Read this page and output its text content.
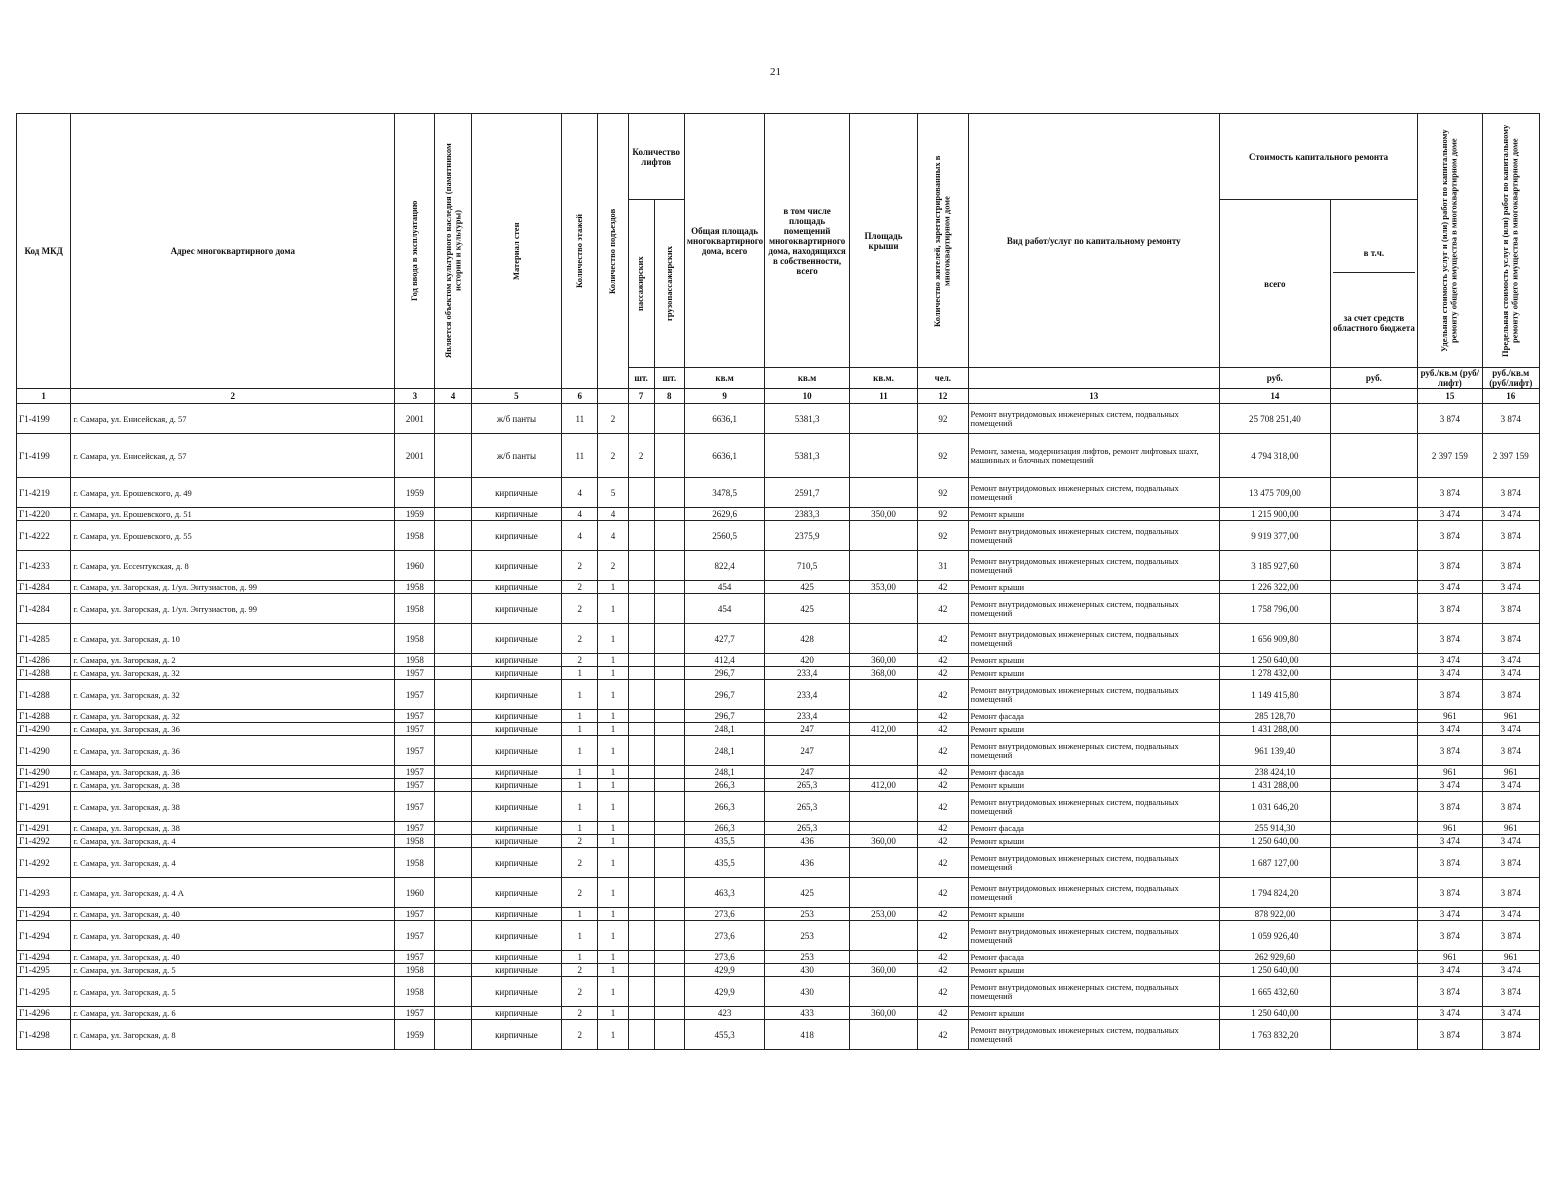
21
Код МКД	Адрес многоквартирного дома	Год ввода в эксплуатацию	Является объектом культурного наследия (памятником истории и культуры)	Материал стен	Количество этажей	Количество подъездов	Количество лифтов		Общая площадь многоквартирного дома, всего	в том числе площадь помещений многоквартирного дома, находящихся в собственности, всего	Площадь крыши	Количество жителей, зарегистрированных в многоквартирном доме	Вид работ/услуг по капитальному ремонту	Стоимость капитального ремонта		Удельная стоимость услуг и (или) работ по капитальному ремонту общего имущества в многоквартирном доме	Предельная стоимость услуг и (или) работ по капитальному ремонту общего имущества в многоквартирном доме

							пассажирских	грузопассажирских						всего	в т.ч.
за счет средств областного бюджета		

							шт.	шт.	кв.м	кв.м	кв.м.	чел.		руб.	руб.	руб./кв.м (руб/лифт)	руб./кв.м (руб/лифт)
1	2	3	4	5	6		7	8	9	10	11	12	13	14		15	16
Г1-4199	г. Самара, ул. Енисейская, д. 57	2001		ж/б панты	11	2			6636,1	5381,3		92	Ремонт внутридомовых инженерных систем, подвальных помещений	25 708 251,40		3 874	3 874
Г1-4199	г. Самара, ул. Енисейская, д. 57	2001		ж/б панты	11	2	2		6636,1	5381,3		92	Ремонт, замена, модернизация лифтов, ремонт лифтовых шахт, машинных и блочных помещений	4 794 318,00		2 397 159	2 397 159
Г1-4219	г. Самара, ул. Ерошевского, д. 49	1959		кирпичные	4	5			3478,5	2591,7		92	Ремонт внутридомовых инженерных систем, подвальных помещений	13 475 709,00		3 874	3 874
Г1-4220	г. Самара, ул. Ерошевского, д. 51	1959		кирпичные	4	4			2629,6	2383,3	350,00	92	Ремонт крыши	1 215 900,00		3 474	3 474
Г1-4222	г. Самара, ул. Ерошевского, д. 55	1958		кирпичные	4	4			2560,5	2375,9		92	Ремонт внутридомовых инженерных систем, подвальных помещений	9 919 377,00		3 874	3 874
Г1-4233	г. Самара, ул. Ессентукская, д. 8	1960		кирпичные	2	2			822,4	710,5		31	Ремонт внутридомовых инженерных систем, подвальных помещений	3 185 927,60		3 874	3 874
Г1-4284	г. Самара, ул. Загорская, д. 1/ул. Энтузиастов, д. 99	1958		кирпичные	2	1			454	425	353,00	42	Ремонт крыши	1 226 322,00		3 474	3 474
Г1-4284	г. Самара, ул. Загорская, д. 1/ул. Энтузиастов, д. 99	1958		кирпичные	2	1			454	425		42	Ремонт внутридомовых инженерных систем, подвальных помещений	1 758 796,00		3 874	3 874
Г1-4285	г. Самара, ул. Загорская, д. 10	1958		кирпичные	2	1			427,7	428		42	Ремонт внутридомовых инженерных систем, подвальных помещений	1 656 909,80		3 874	3 874
Г1-4286	г. Самара, ул. Загорская, д. 2	1958		кирпичные	2	1			412,4	420	360,00	42	Ремонт крыши	1 250 640,00		3 474	3 474
Г1-4288	г. Самара, ул. Загорская, д. 32	1957		кирпичные	1	1			296,7	233,4	368,00	42	Ремонт крыши	1 278 432,00		3 474	3 474
Г1-4288	г. Самара, ул. Загорская, д. 32	1957		кирпичные	1	1			296,7	233,4		42	Ремонт внутридомовых инженерных систем, подвальных помещений	1 149 415,80		3 874	3 874
Г1-4288	г. Самара, ул. Загорская, д. 32	1957		кирпичные	1	1			296,7	233,4		42	Ремонт фасада	285 128,70		961	961
Г1-4290	г. Самара, ул. Загорская, д. 36	1957		кирпичные	1	1			248,1	247	412,00	42	Ремонт крыши	1 431 288,00		3 474	3 474
Г1-4290	г. Самара, ул. Загорская, д. 36	1957		кирпичные	1	1			248,1	247		42	Ремонт внутридомовых инженерных систем, подвальных помещений	961 139,40		3 874	3 874
Г1-4290	г. Самара, ул. Загорская, д. 36	1957		кирпичные	1	1			248,1	247		42	Ремонт фасада	238 424,10		961	961
Г1-4291	г. Самара, ул. Загорская, д. 38	1957		кирпичные	1	1			266,3	265,3	412,00	42	Ремонт крыши	1 431 288,00		3 474	3 474
Г1-4291	г. Самара, ул. Загорская, д. 38	1957		кирпичные	1	1			266,3	265,3		42	Ремонт внутридомовых инженерных систем, подвальных помещений	1 031 646,20		3 874	3 874
Г1-4291	г. Самара, ул. Загорская, д. 38	1957		кирпичные	1	1			266,3	265,3		42	Ремонт фасада	255 914,30		961	961
Г1-4292	г. Самара, ул. Загорская, д. 4	1958		кирпичные	2	1			435,5	436	360,00	42	Ремонт крыши	1 250 640,00		3 474	3 474
Г1-4292	г. Самара, ул. Загорская, д. 4	1958		кирпичные	2	1			435,5	436		42	Ремонт внутридомовых инженерных систем, подвальных помещений	1 687 127,00		3 874	3 874
Г1-4293	г. Самара, ул. Загорская, д. 4 А	1960		кирпичные	2	1			463,3	425		42	Ремонт внутридомовых инженерных систем, подвальных помещений	1 794 824,20		3 874	3 874
Г1-4294	г. Самара, ул. Загорская, д. 40	1957		кирпичные	1	1			273,6	253	253,00	42	Ремонт крыши	878 922,00		3 474	3 474
Г1-4294	г. Самара, ул. Загорская, д. 40	1957		кирпичные	1	1			273,6	253		42	Ремонт внутридомовых инженерных систем, подвальных помещений	1 059 926,40		3 874	3 874
Г1-4294	г. Самара, ул. Загорская, д. 40	1957		кирпичные	1	1			273,6	253		42	Ремонт фасада	262 929,60		961	961
Г1-4295	г. Самара, ул. Загорская, д. 5	1958		кирпичные	2	1			429,9	430	360,00	42	Ремонт крыши	1 250 640,00		3 474	3 474
Г1-4295	г. Самара, ул. Загорская, д. 5	1958		кирпичные	2	1			429,9	430		42	Ремонт внутридомовых инженерных систем, подвальных помещений	1 665 432,60		3 874	3 874
Г1-4296	г. Самара, ул. Загорская, д. 6	1957		кирпичные	2	1			423	433	360,00	42	Ремонт крыши	1 250 640,00		3 474	3 474
Г1-4298	г. Самара, ул. Загорская, д. 8	1959		кирпичные	2	1			455,3	418		42	Ремонт внутридомовых инженерных систем, подвальных помещений	1 763 832,20		3 874	3 874
